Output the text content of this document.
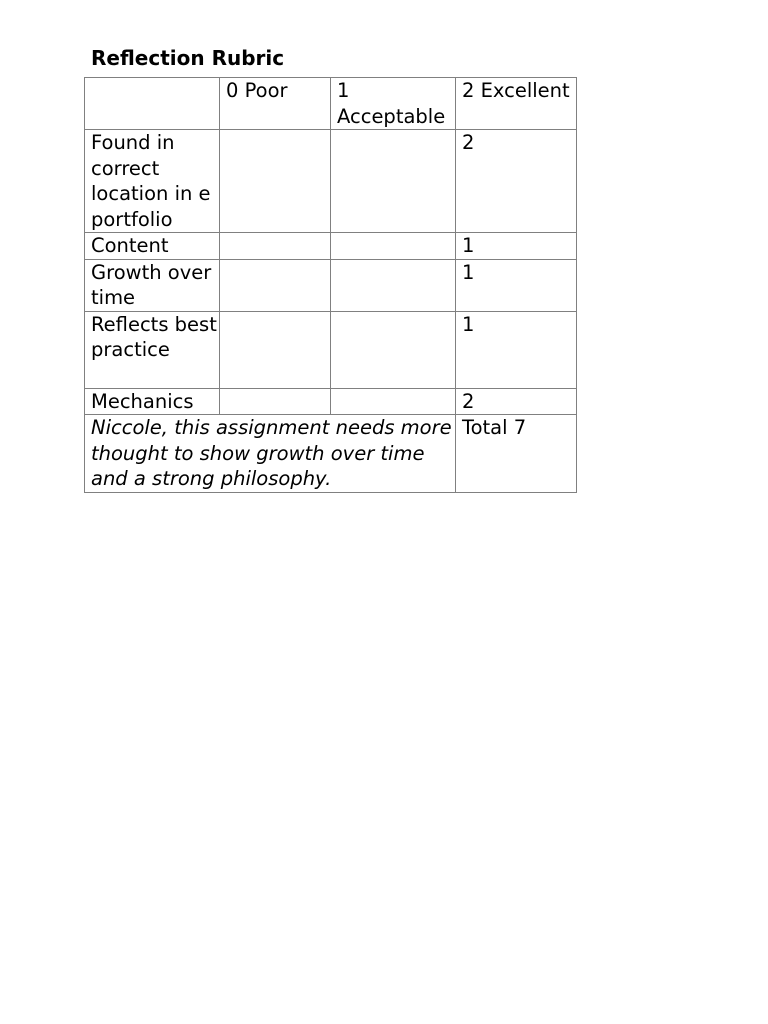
Reflection Rubric
	0 Poor	1 Acceptable	2 Excellent
Found in correct location in e portfolio			2
Content			1
Growth over time			1
Reflects best practice			1
Mechanics			2
Niccole, this assignment needs more thought to show growth over time and a strong philosophy.			Total 7
